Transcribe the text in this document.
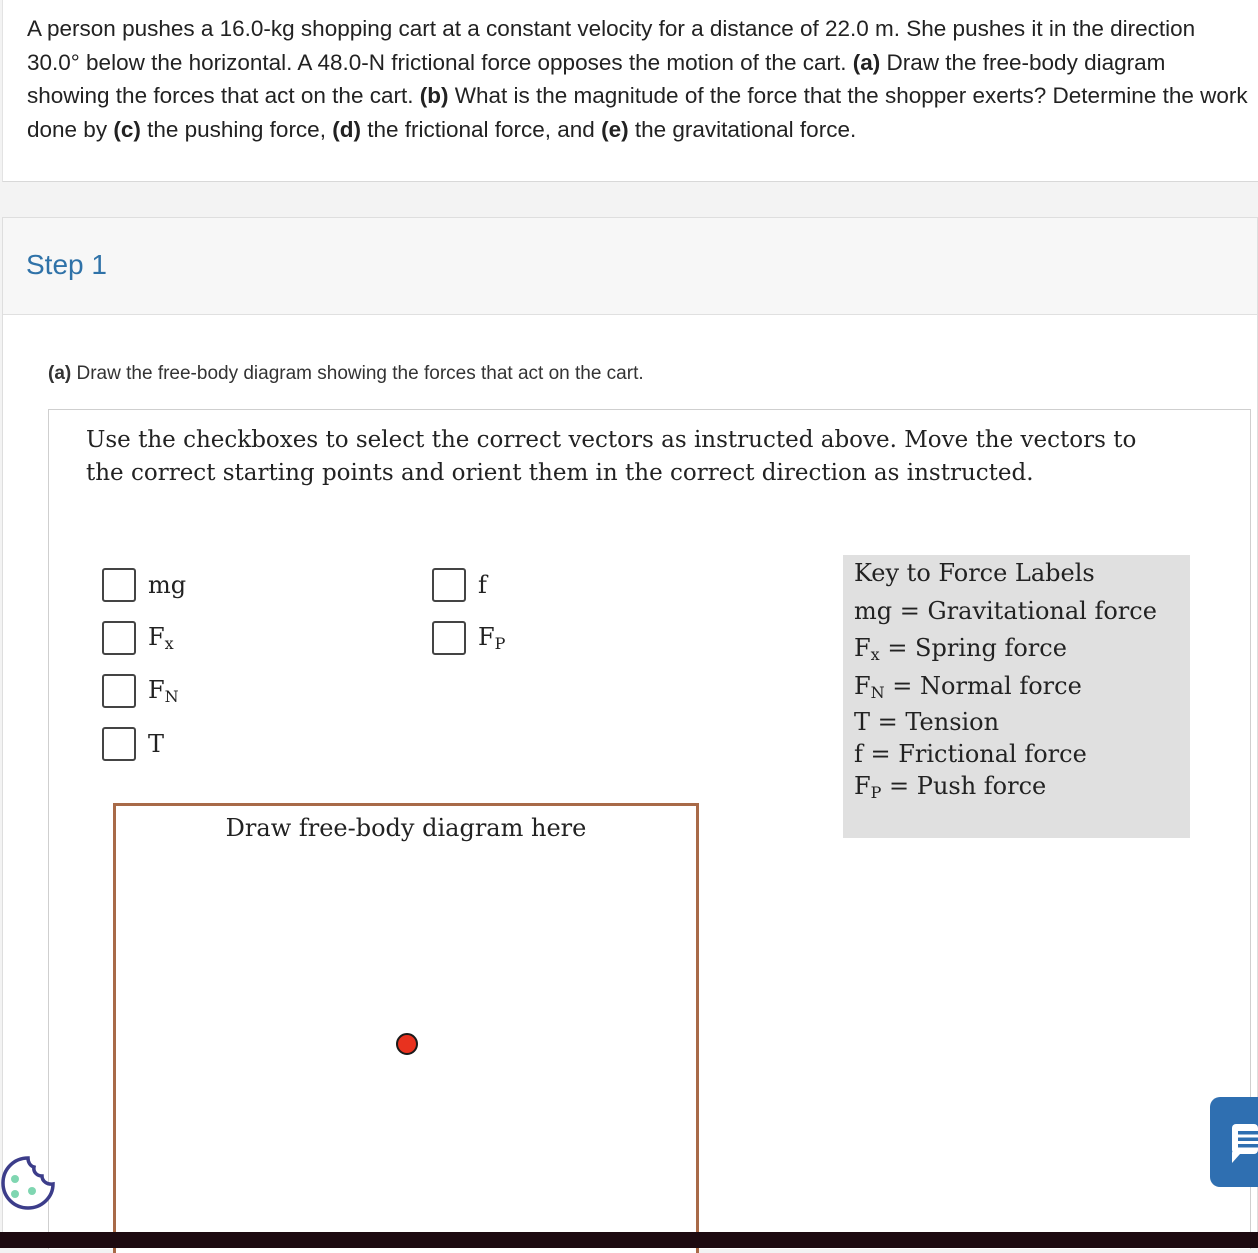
A person pushes a 16.0-kg shopping cart at a constant velocity for a distance of 22.0 m. She pushes it in the direction 30.0° below the horizontal. A 48.0-N frictional force opposes the motion of the cart. (a) Draw the free-body diagram showing the forces that act on the cart. (b) What is the magnitude of the force that the shopper exerts? Determine the work done by (c) the pushing force, (d) the frictional force, and (e) the gravitational force.
Step 1
(a) Draw the free-body diagram showing the forces that act on the cart.
Use the checkboxes to select the correct vectors as instructed above. Move the vectors to the correct starting points and orient them in the correct direction as instructed.
mg
$F_x$
$F_N$
T
f
$F_P$
Key to Force Labels
mg = Gravitational force
$F_x$ = Spring force
$F_N$ = Normal force
T = Tension
f = Frictional force
$F_P$ = Push force
Draw free-body diagram here
